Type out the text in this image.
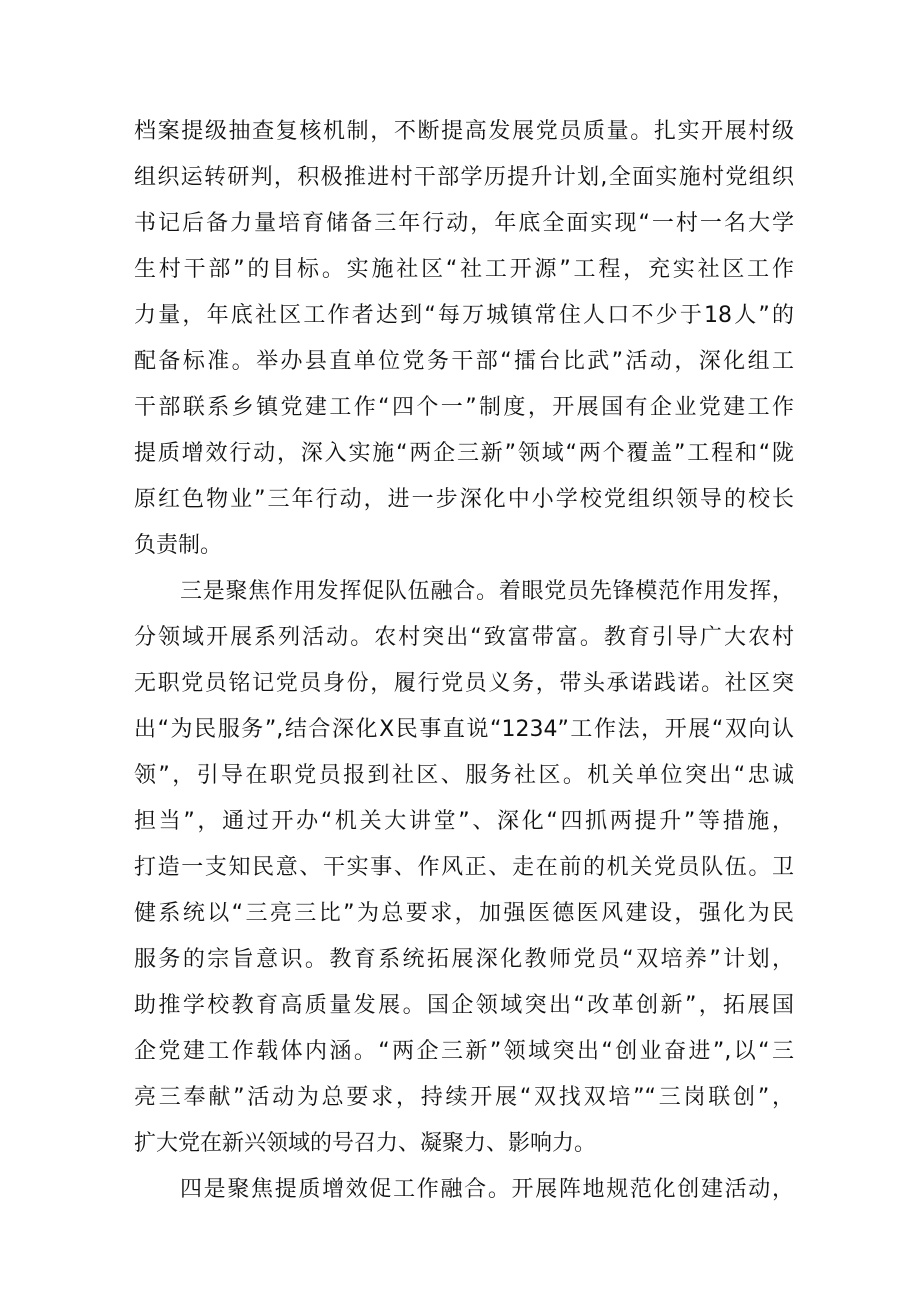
档案提级抽查复核机制，不断提高发展党员质量。扎实开展村级
组织运转研判，积极推进村干部学历提升计划,全面实施村党组织
书记后备力量培育储备三年行动，年底全面实现“一村一名大学
生村干部”的目标。实施社区“社工开源”工程，充实社区工作
力量，年底社区工作者达到“每万城镇常住人口不少于18人”的
配备标准。举办县直单位党务干部“擂台比武”活动，深化组工
干部联系乡镇党建工作“四个一”制度，开展国有企业党建工作
提质增效行动，深入实施“两企三新”领域“两个覆盖”工程和“陇
原红色物业”三年行动，进一步深化中小学校党组织领导的校长
负责制。
三是聚焦作用发挥促队伍融合。着眼党员先锋模范作用发挥，
分领域开展系列活动。农村突出“致富带富。教育引导广大农村
无职党员铭记党员身份，履行党员义务，带头承诺践诺。社区突
出“为民服务”,结合深化X民事直说“1234”工作法，开展“双向认
领”，引导在职党员报到社区、服务社区。机关单位突出“忠诚
担当”，通过开办“机关大讲堂”、深化“四抓两提升”等措施，
打造一支知民意、干实事、作风正、走在前的机关党员队伍。卫
健系统以“三亮三比”为总要求，加强医德医风建设，强化为民
服务的宗旨意识。教育系统拓展深化教师党员“双培养”计划，
助推学校教育高质量发展。国企领域突出“改革创新”，拓展国
企党建工作载体内涵。“两企三新”领域突出“创业奋进”,以“三
亮三奉献”活动为总要求，持续开展“双找双培”“三岗联创”，
扩大党在新兴领域的号召力、凝聚力、影响力。
四是聚焦提质增效促工作融合。开展阵地规范化创建活动，
